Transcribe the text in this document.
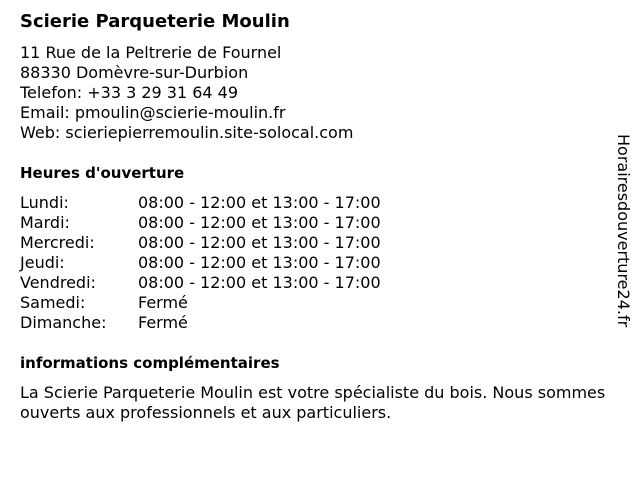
Scierie Parqueterie Moulin
11 Rue de la Peltrerie de Fournel
88330 Domèvre-sur-Durbion
Telefon: +33 3 29 31 64 49
Email: pmoulin@scierie-moulin.fr
Web: scieriepierremoulin.site-solocal.com
Heures d'ouverture
Lundi:	08:00 - 12:00 et 13:00 - 17:00
Mardi:	08:00 - 12:00 et 13:00 - 17:00
Mercredi:	08:00 - 12:00 et 13:00 - 17:00
Jeudi:	08:00 - 12:00 et 13:00 - 17:00
Vendredi:	08:00 - 12:00 et 13:00 - 17:00
Samedi:	Fermé
Dimanche:	Fermé
informations complémentaires
La Scierie Parqueterie Moulin est votre spécialiste du bois. Nous sommes ouverts aux professionnels et aux particuliers.
Horairesdouverture24.fr
